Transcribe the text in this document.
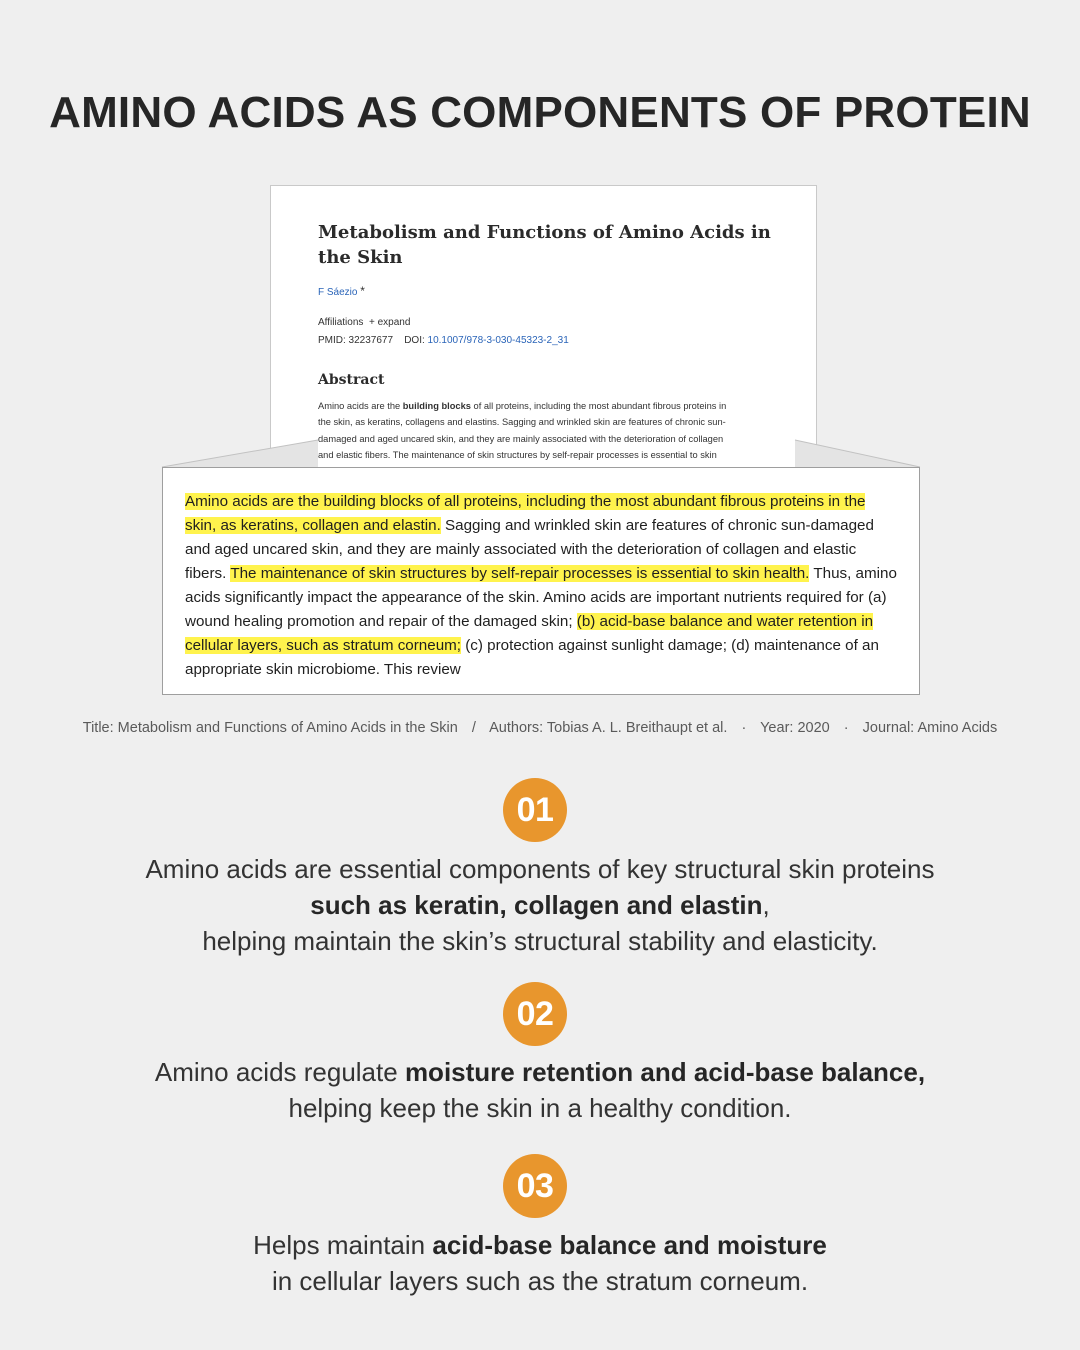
AMINO ACIDS AS COMPONENTS OF PROTEIN
Metabolism and Functions of Amino Acids in the Skin
F Sáezio *
Affiliations + expand
PMID: 32237677 DOI: 10.1007/978-3-030-45323-2_31
Abstract
Amino acids are the building blocks of all proteins, including the most abundant fibrous proteins in
the skin, as keratins, collagens and elastins. Sagging and wrinkled skin are features of chronic sun-
damaged and aged uncared skin, and they are mainly associated with the deterioration of collagen
and elastic fibers. The maintenance of skin structures by self-repair processes is essential to skin

Amino acids are the building blocks of all proteins, including the most abundant fibrous proteins in the skin, as keratins, collagen and elastin. Sagging and wrinkled skin are features of chronic sun-damaged and aged uncared skin, and they are mainly associated with the deterioration of collagen and elastic fibers. The maintenance of skin structures by self-repair processes is essential to skin health. Thus, amino acids significantly impact the appearance of the skin. Amino acids are important nutrients required for (a) wound healing promotion and repair of the damaged skin; (b) acid-base balance and water retention in cellular layers, such as stratum corneum; (c) protection against sunlight damage; (d) maintenance of an appropriate skin microbiome. This review

Title: Metabolism and Functions of Amino Acids in the Skin / Authors: Tobias A. L. Breithaupt et al. · Year: 2020 · Journal: Amino Acids
01
Amino acids are essential components of key structural skin proteins
such as keratin, collagen and elastin,
helping maintain the skin’s structural stability and elasticity.
02
Amino acids regulate moisture retention and acid-base balance,
helping keep the skin in a healthy condition.
03
Helps maintain acid-base balance and moisture
in cellular layers such as the stratum corneum.
